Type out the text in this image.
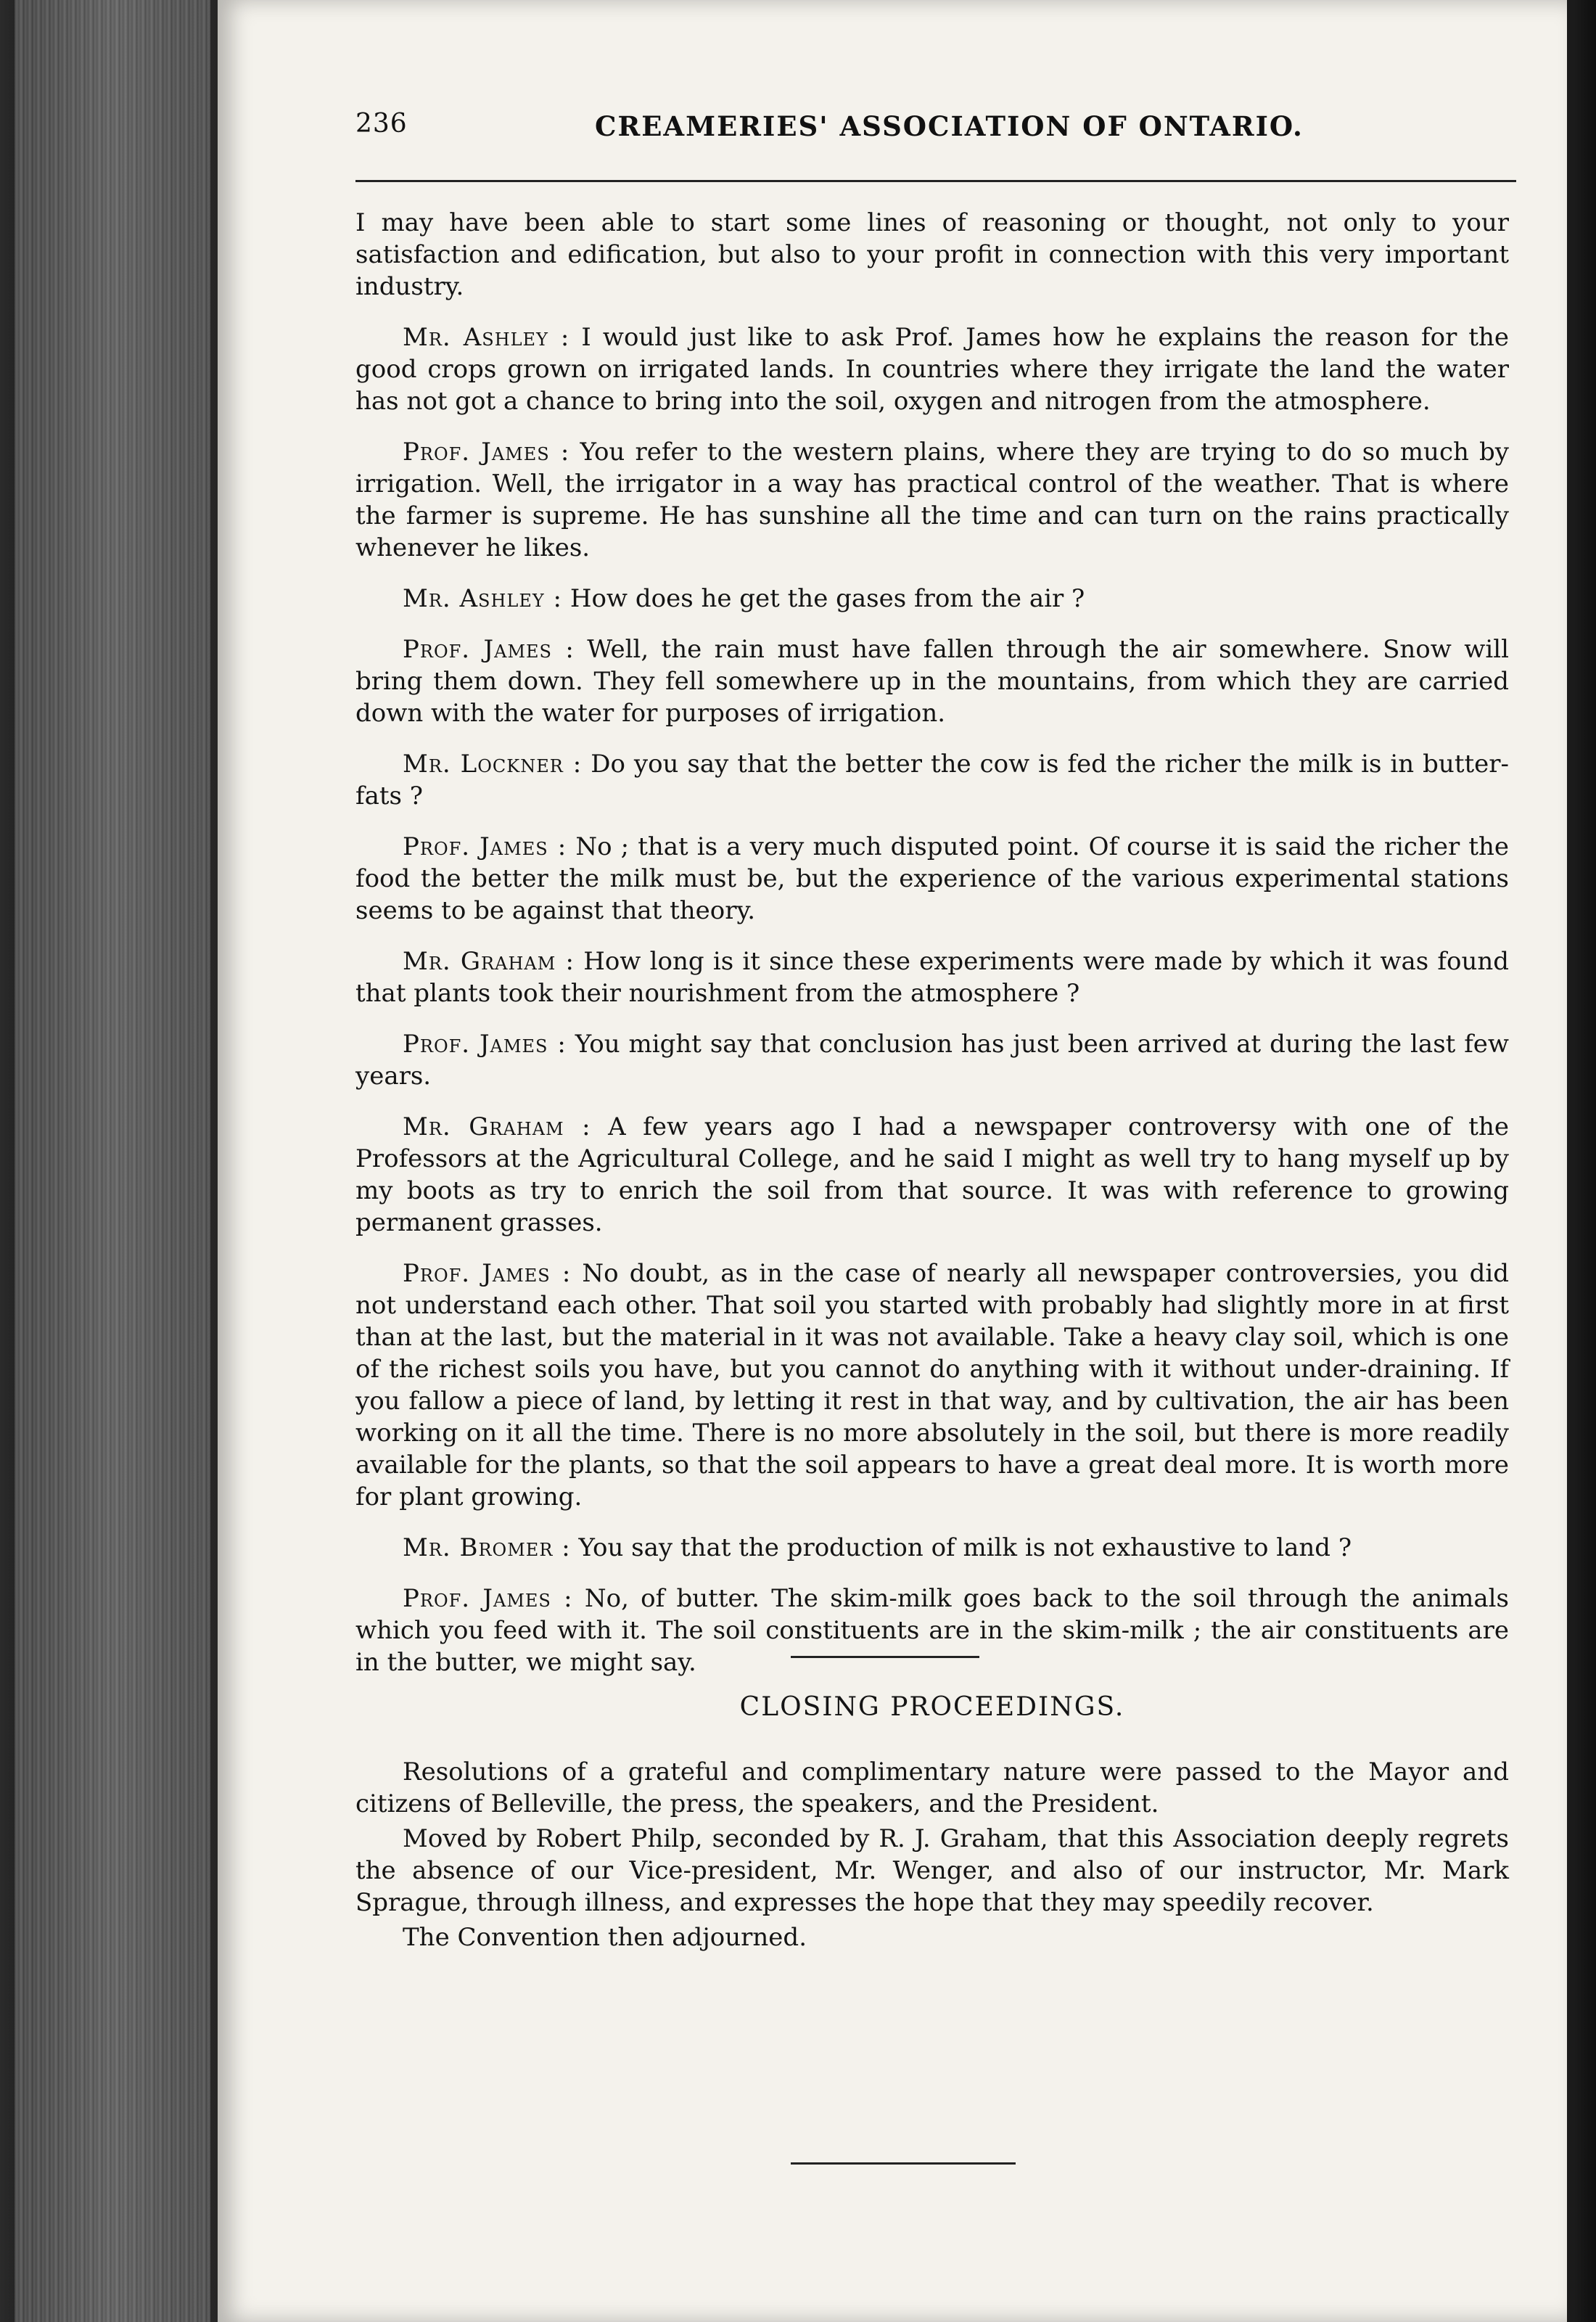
236	CREAMERIES' ASSOCIATION OF ONTARIO.

I may have been able to start some lines of reasoning or thought, not only to your satisfaction and edification, but also to your profit in connection with this very important industry.

Mr. Ashley : I would just like to ask Prof. James how he explains the reason for the good crops grown on irrigated lands. In countries where they irrigate the land the water has not got a chance to bring into the soil, oxygen and nitrogen from the atmosphere.

Prof. James : You refer to the western plains, where they are trying to do so much by irrigation. Well, the irrigator in a way has practical control of the weather. That is where the farmer is supreme. He has sunshine all the time and can turn on the rains practically whenever he likes.

Mr. Ashley : How does he get the gases from the air ?

Prof. James : Well, the rain must have fallen through the air somewhere. Snow will bring them down. They fell somewhere up in the mountains, from which they are carried down with the water for purposes of irrigation.

Mr. Lockner : Do you say that the better the cow is fed the richer the milk is in butter-fats ?

Prof. James : No ; that is a very much disputed point. Of course it is said the richer the food the better the milk must be, but the experience of the various experimental stations seems to be against that theory.

Mr. Graham : How long is it since these experiments were made by which it was found that plants took their nourishment from the atmosphere ?

Prof. James : You might say that conclusion has just been arrived at during the last few years.

Mr. Graham : A few years ago I had a newspaper controversy with one of the Professors at the Agricultural College, and he said I might as well try to hang myself up by my boots as try to enrich the soil from that source. It was with reference to growing permanent grasses.

Prof. James : No doubt, as in the case of nearly all newspaper controversies, you did not understand each other. That soil you started with probably had slightly more in at first than at the last, but the material in it was not available. Take a heavy clay soil, which is one of the richest soils you have, but you cannot do anything with it without under-draining. If you fallow a piece of land, by letting it rest in that way, and by cultivation, the air has been working on it all the time. There is no more absolutely in the soil, but there is more readily available for the plants, so that the soil appears to have a great deal more. It is worth more for plant growing.

Mr. Bromer : You say that the production of milk is not exhaustive to land ?

Prof. James : No, of butter. The skim-milk goes back to the soil through the animals which you feed with it. The soil constituents are in the skim-milk ; the air constituents are in the butter, we might say.

CLOSING PROCEEDINGS.

Resolutions of a grateful and complimentary nature were passed to the Mayor and citizens of Belleville, the press, the speakers, and the President.

Moved by Robert Philp, seconded by R. J. Graham, that this Association deeply regrets the absence of our Vice-president, Mr. Wenger, and also of our instructor, Mr. Mark Sprague, through illness, and expresses the hope that they may speedily recover.

The Convention then adjourned.
